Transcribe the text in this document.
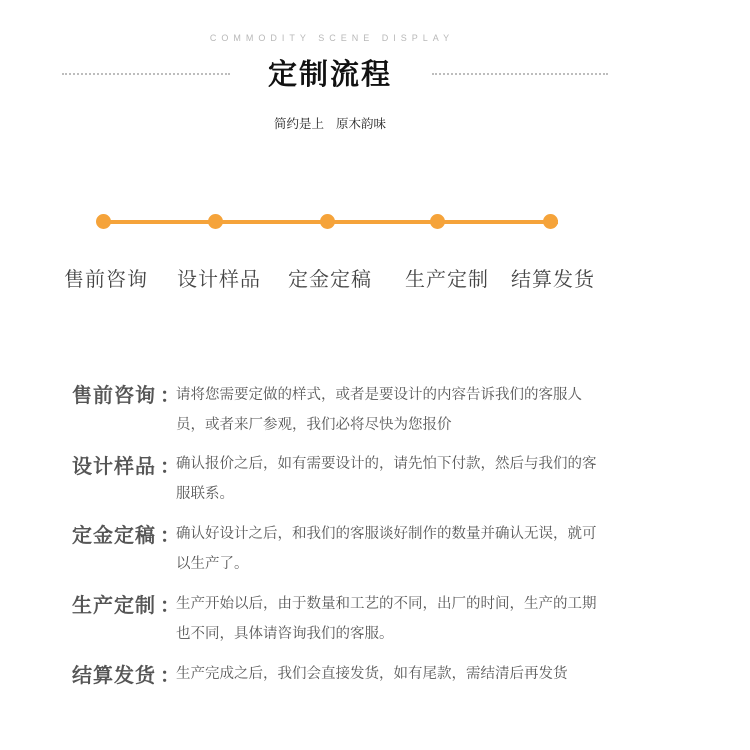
COMMODITY SCENE DISPLAY
定制流程
简约是上   原木韵味
售前咨询 设计样品 定金定稿 生产定制 结算发货
售前咨询 ：
请将您需要定做的样式，或者是要设计的内容告诉我们的客服人员，或者来厂参观，我们必将尽快为您报价
设计样品 ：
确认报价之后，如有需要设计的，请先怕下付款，然后与我们的客服联系。
定金定稿 ：
确认好设计之后，和我们的客服谈好制作的数量并确认无误，就可以生产了。
生产定制 ：
生产开始以后，由于数量和工艺的不同，出厂的时间，生产的工期也不同，具体请咨询我们的客服。
结算发货 ：
生产完成之后，我们会直接发货，如有尾款，需结清后再发货
